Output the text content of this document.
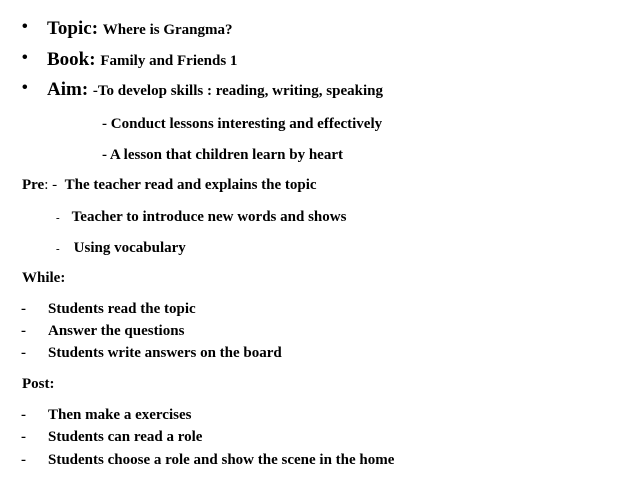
• Topic: Where is Grangma?
• Book: Family and Friends 1
• Aim: -To develop skills : reading, writing, speaking
- Conduct lessons interesting and effectively
- A lesson that children learn by heart
Pre: - The teacher read and explains the topic
- Teacher to introduce new words and shows
- Using vocabulary
While:
- Students read the topic
- Answer the questions
- Students write answers on the board
Post:
- Then make a exercises
- Students can read a role
- Students choose a role and show the scene in the home
